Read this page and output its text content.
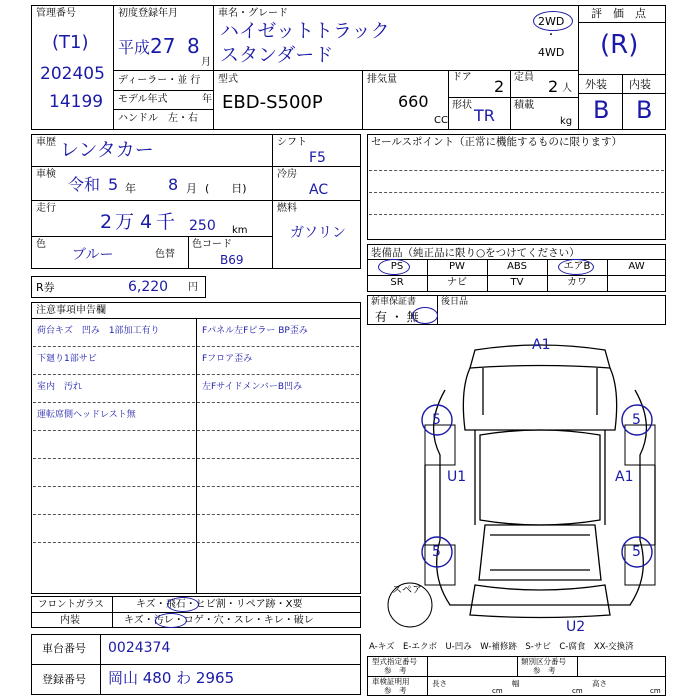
管理番号
(T1)
202405
14199
初度登録年月
平成 27 8
月
車名・グレード
ハイゼットトラック
スタンダード
2WD
・
4WD
評　価　点
(R)
外装 内装
B B
ディーラー・並 行
モデル年式	年
ハンドル　左・右
型式
EBD-S500P
排気量
660
CC
ドア 2 定員 2 人
形状
TR
積載
kg
車歴 レンタカー	シフト
F5
車検
令和 5 年 8 月 (　　日)
冷房
AC
走行
2 万 4 千 250 km
燃料
ガソリン
色
ブルー	色替
色コード
B69
R券	6,220 円
セールスポイント（正常に機能するものに限ります）
装備品（純正品に限り○をつけてください）
PS	PW	ABS	エアB	AW
SR	ナビ	TV	カワ
新車保証書
有 ・ 無
後日品
注意事項申告欄
荷台キズ　凹み　1部加工有り	Fパネル左Fピラー BP歪み
下廻り1部サビ	Fフロア歪み
室内　汚れ	左FサイドメンバーB凹み
運転席側ヘッドレスト無
フロントガラス	キズ・飛石・ヒビ割・リペア跡・X要
内装	キズ・汚レ・コゲ・穴・スレ・キレ・破レ
車台番号 0024374
登録番号 岡山 480 わ 2965
A1
5	5
U1	A1
5	5
U2
スペア
A-キズ　E-エクボ　U-凹み　W-補修跡　S-サビ　C-腐食　XX-交換済
型式指定番号
参　考
類別区分番号
参　考
車検証明用
参　考
長さ
cm
幅
cm
高さ
cm
